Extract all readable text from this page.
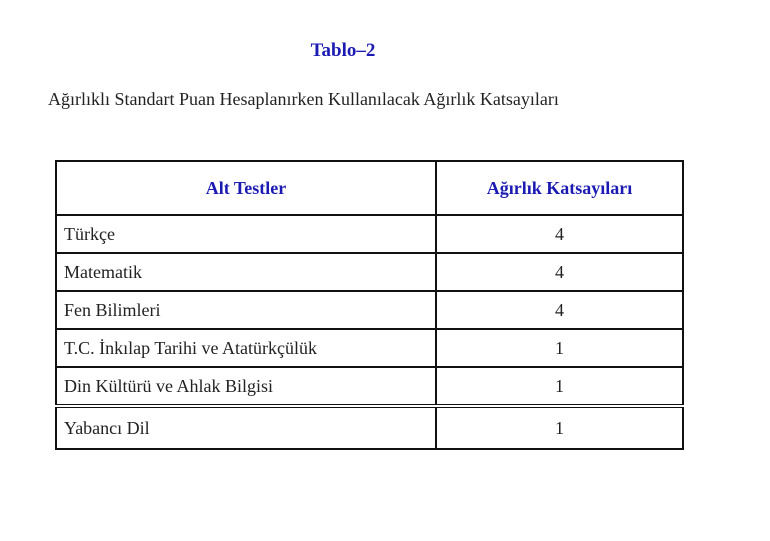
Tablo–2
Ağırlıklı Standart Puan Hesaplanırken Kullanılacak Ağırlık Katsayıları
Alt Testler	Ağırlık Katsayıları
Türkçe	4
Matematik	4
Fen Bilimleri	4
T.C. İnkılap Tarihi ve Atatürkçülük	1
Din Kültürü ve Ahlak Bilgisi	1
Yabancı Dil	1
